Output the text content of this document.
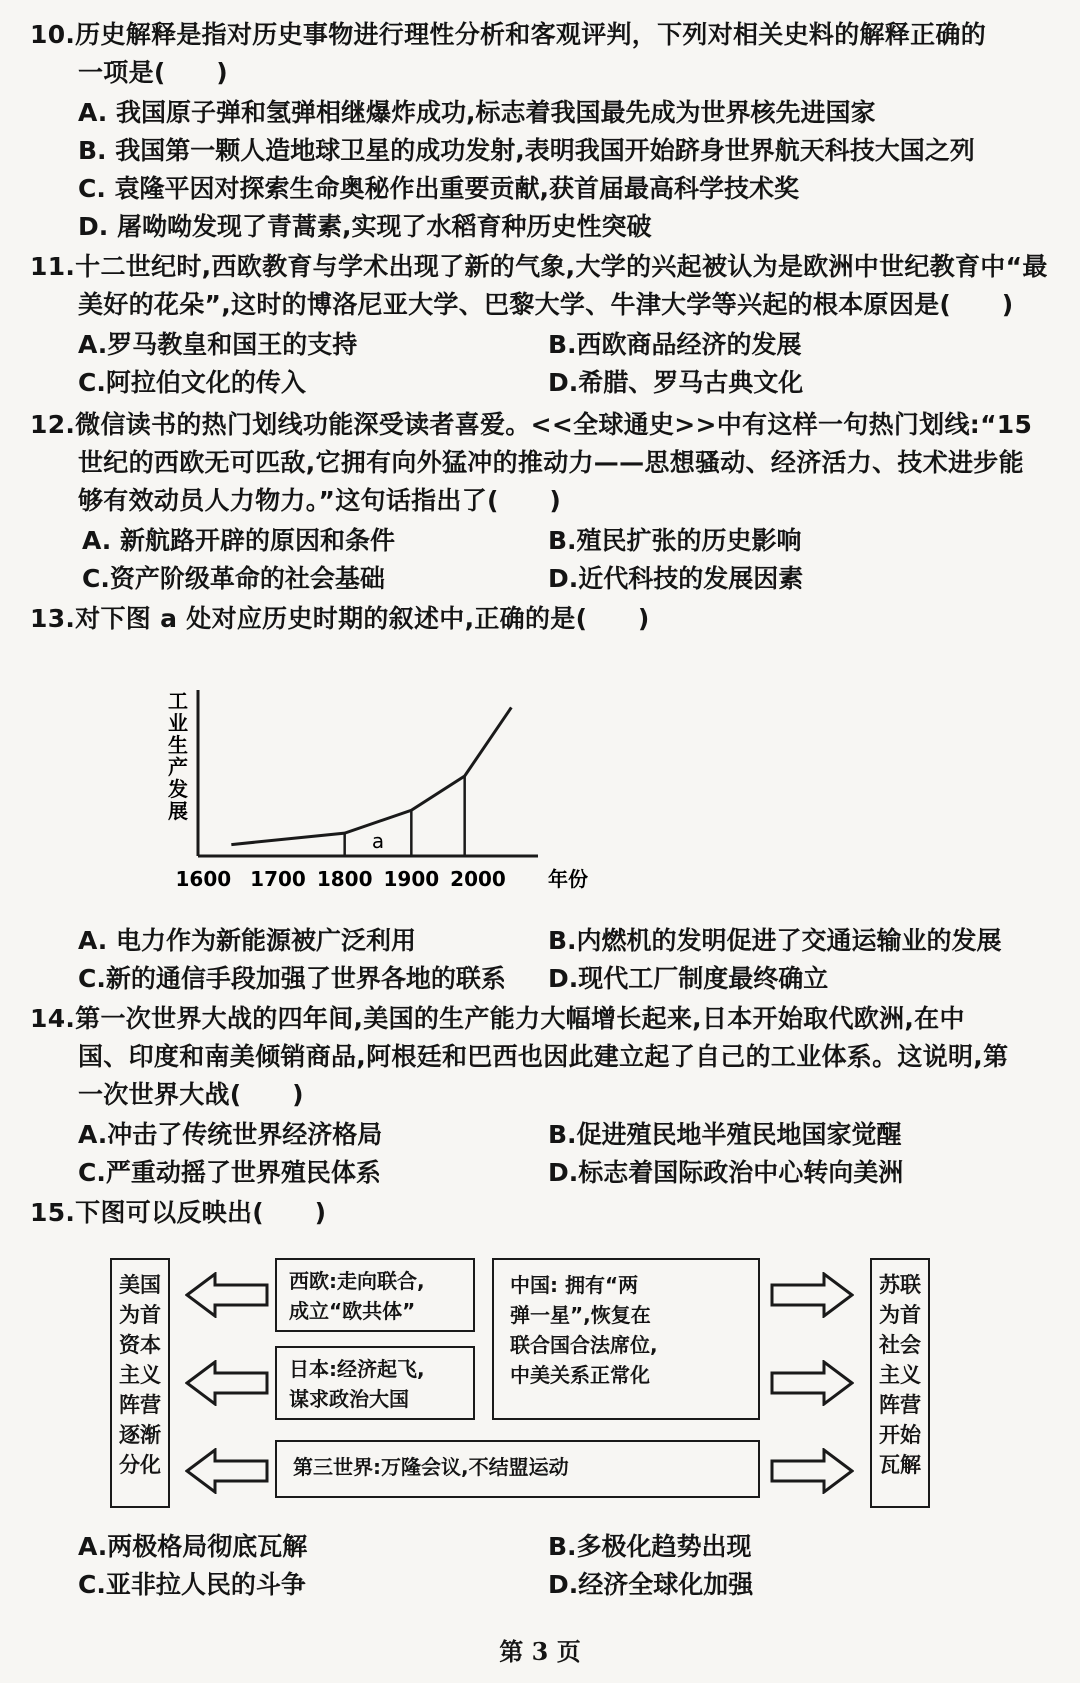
10.历史解释是指对历史事物进行理性分析和客观评判，下列对相关史料的解释正确的
一项是(　　)
A. 我国原子弹和氢弹相继爆炸成功,标志着我国最先成为世界核先进国家
B. 我国第一颗人造地球卫星的成功发射,表明我国开始跻身世界航天科技大国之列
C. 袁隆平因对探索生命奥秘作出重要贡献,获首届最高科学技术奖
D. 屠呦呦发现了青蒿素,实现了水稻育种历史性突破
11.十二世纪时,西欧教育与学术出现了新的气象,大学的兴起被认为是欧洲中世纪教育中“最
美好的花朵”,这时的博洛尼亚大学、巴黎大学、牛津大学等兴起的根本原因是(　　)
A.罗马教皇和国王的支持	B.西欧商品经济的发展
C.阿拉伯文化的传入	D.希腊、罗马古典文化
12.微信读书的热门划线功能深受读者喜爱。<<全球通史>>中有这样一句热门划线:“15
世纪的西欧无可匹敌,它拥有向外猛冲的推动力——思想骚动、经济活力、技术进步能
够有效动员人力物力。”这句话指出了(　　)
A. 新航路开辟的原因和条件	B.殖民扩张的历史影响
C.资产阶级革命的社会基础	D.近代科技的发展因素
13.对下图 a 处对应历史时期的叙述中,正确的是(　　)
工
业
生
产
发
展
a
1600 1700 1800 1900 2000 年份
A. 电力作为新能源被广泛利用	B.内燃机的发明促进了交通运输业的发展
C.新的通信手段加强了世界各地的联系 D.现代工厂制度最终确立
14.第一次世界大战的四年间,美国的生产能力大幅增长起来,日本开始取代欧洲,在中
国、印度和南美倾销商品,阿根廷和巴西也因此建立起了自己的工业体系。这说明,第
一次世界大战(　　)
A.冲击了传统世界经济格局	B.促进殖民地半殖民地国家觉醒
C.严重动摇了世界殖民体系	D.标志着国际政治中心转向美洲
15.下图可以反映出(　　)
美国
为首
资本
主义
阵营
逐渐
分化
苏联
为首
社会
主义
阵营
开始
瓦解
西欧:走向联合,
成立“欧共体”
日本:经济起飞,
谋求政治大国
中国: 拥有“两
弹一星”,恢复在
联合国合法席位,
中美关系正常化
第三世界:万隆会议,不结盟运动
A.两极格局彻底瓦解	B.多极化趋势出现
C.亚非拉人民的斗争	D.经济全球化加强
第 3 页
